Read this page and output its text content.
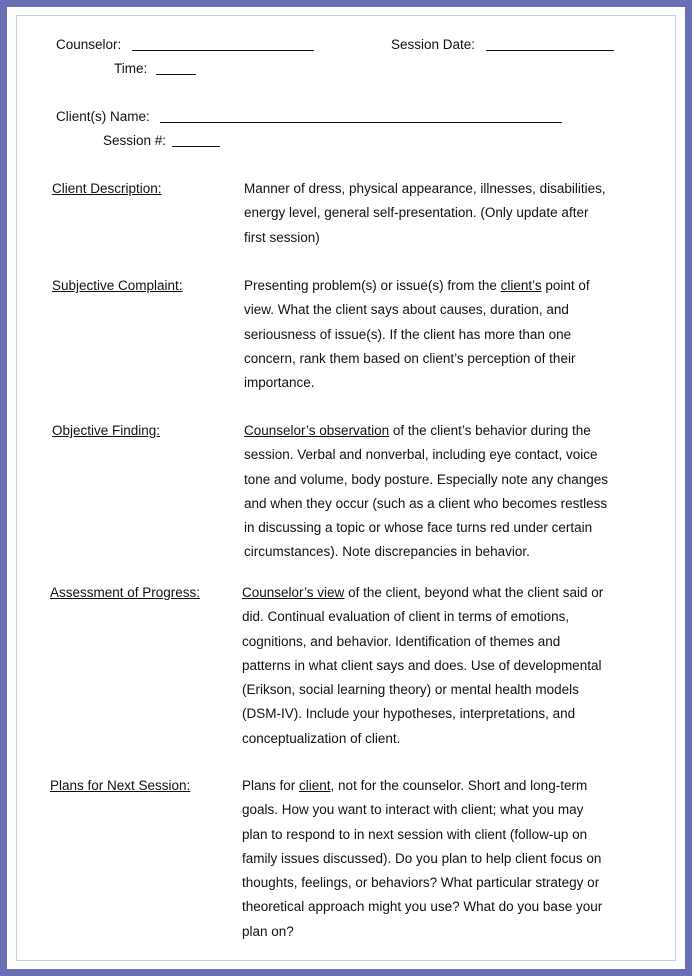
Counselor:	Session Date:
Time:
Client(s) Name:
Session #:
Client Description:	Manner of dress, physical appearance, illnesses, disabilities,

energy level, general self-presentation. (Only update after

first session)

Subjective Complaint:	Presenting problem(s) or issue(s) from the client’s point of

view. What the client says about causes, duration, and

seriousness of issue(s). If the client has more than one

concern, rank them based on client’s perception of their

importance.

Objective Finding:	Counselor’s observation of the client’s behavior during the

session. Verbal and nonverbal, including eye contact, voice

tone and volume, body posture. Especially note any changes

and when they occur (such as a client who becomes restless

in discussing a topic or whose face turns red under certain

circumstances). Note discrepancies in behavior.

Assessment of Progress:	Counselor’s view of the client, beyond what the client said or

did. Continual evaluation of client in terms of emotions,

cognitions, and behavior. Identification of themes and

patterns in what client says and does. Use of developmental

(Erikson, social learning theory) or mental health models

(DSM-IV). Include your hypotheses, interpretations, and

conceptualization of client.

Plans for Next Session:	Plans for client, not for the counselor. Short and long-term

goals. How you want to interact with client; what you may

plan to respond to in next session with client (follow-up on

family issues discussed). Do you plan to help client focus on

thoughts, feelings, or behaviors? What particular strategy or

theoretical approach might you use? What do you base your

plan on?
